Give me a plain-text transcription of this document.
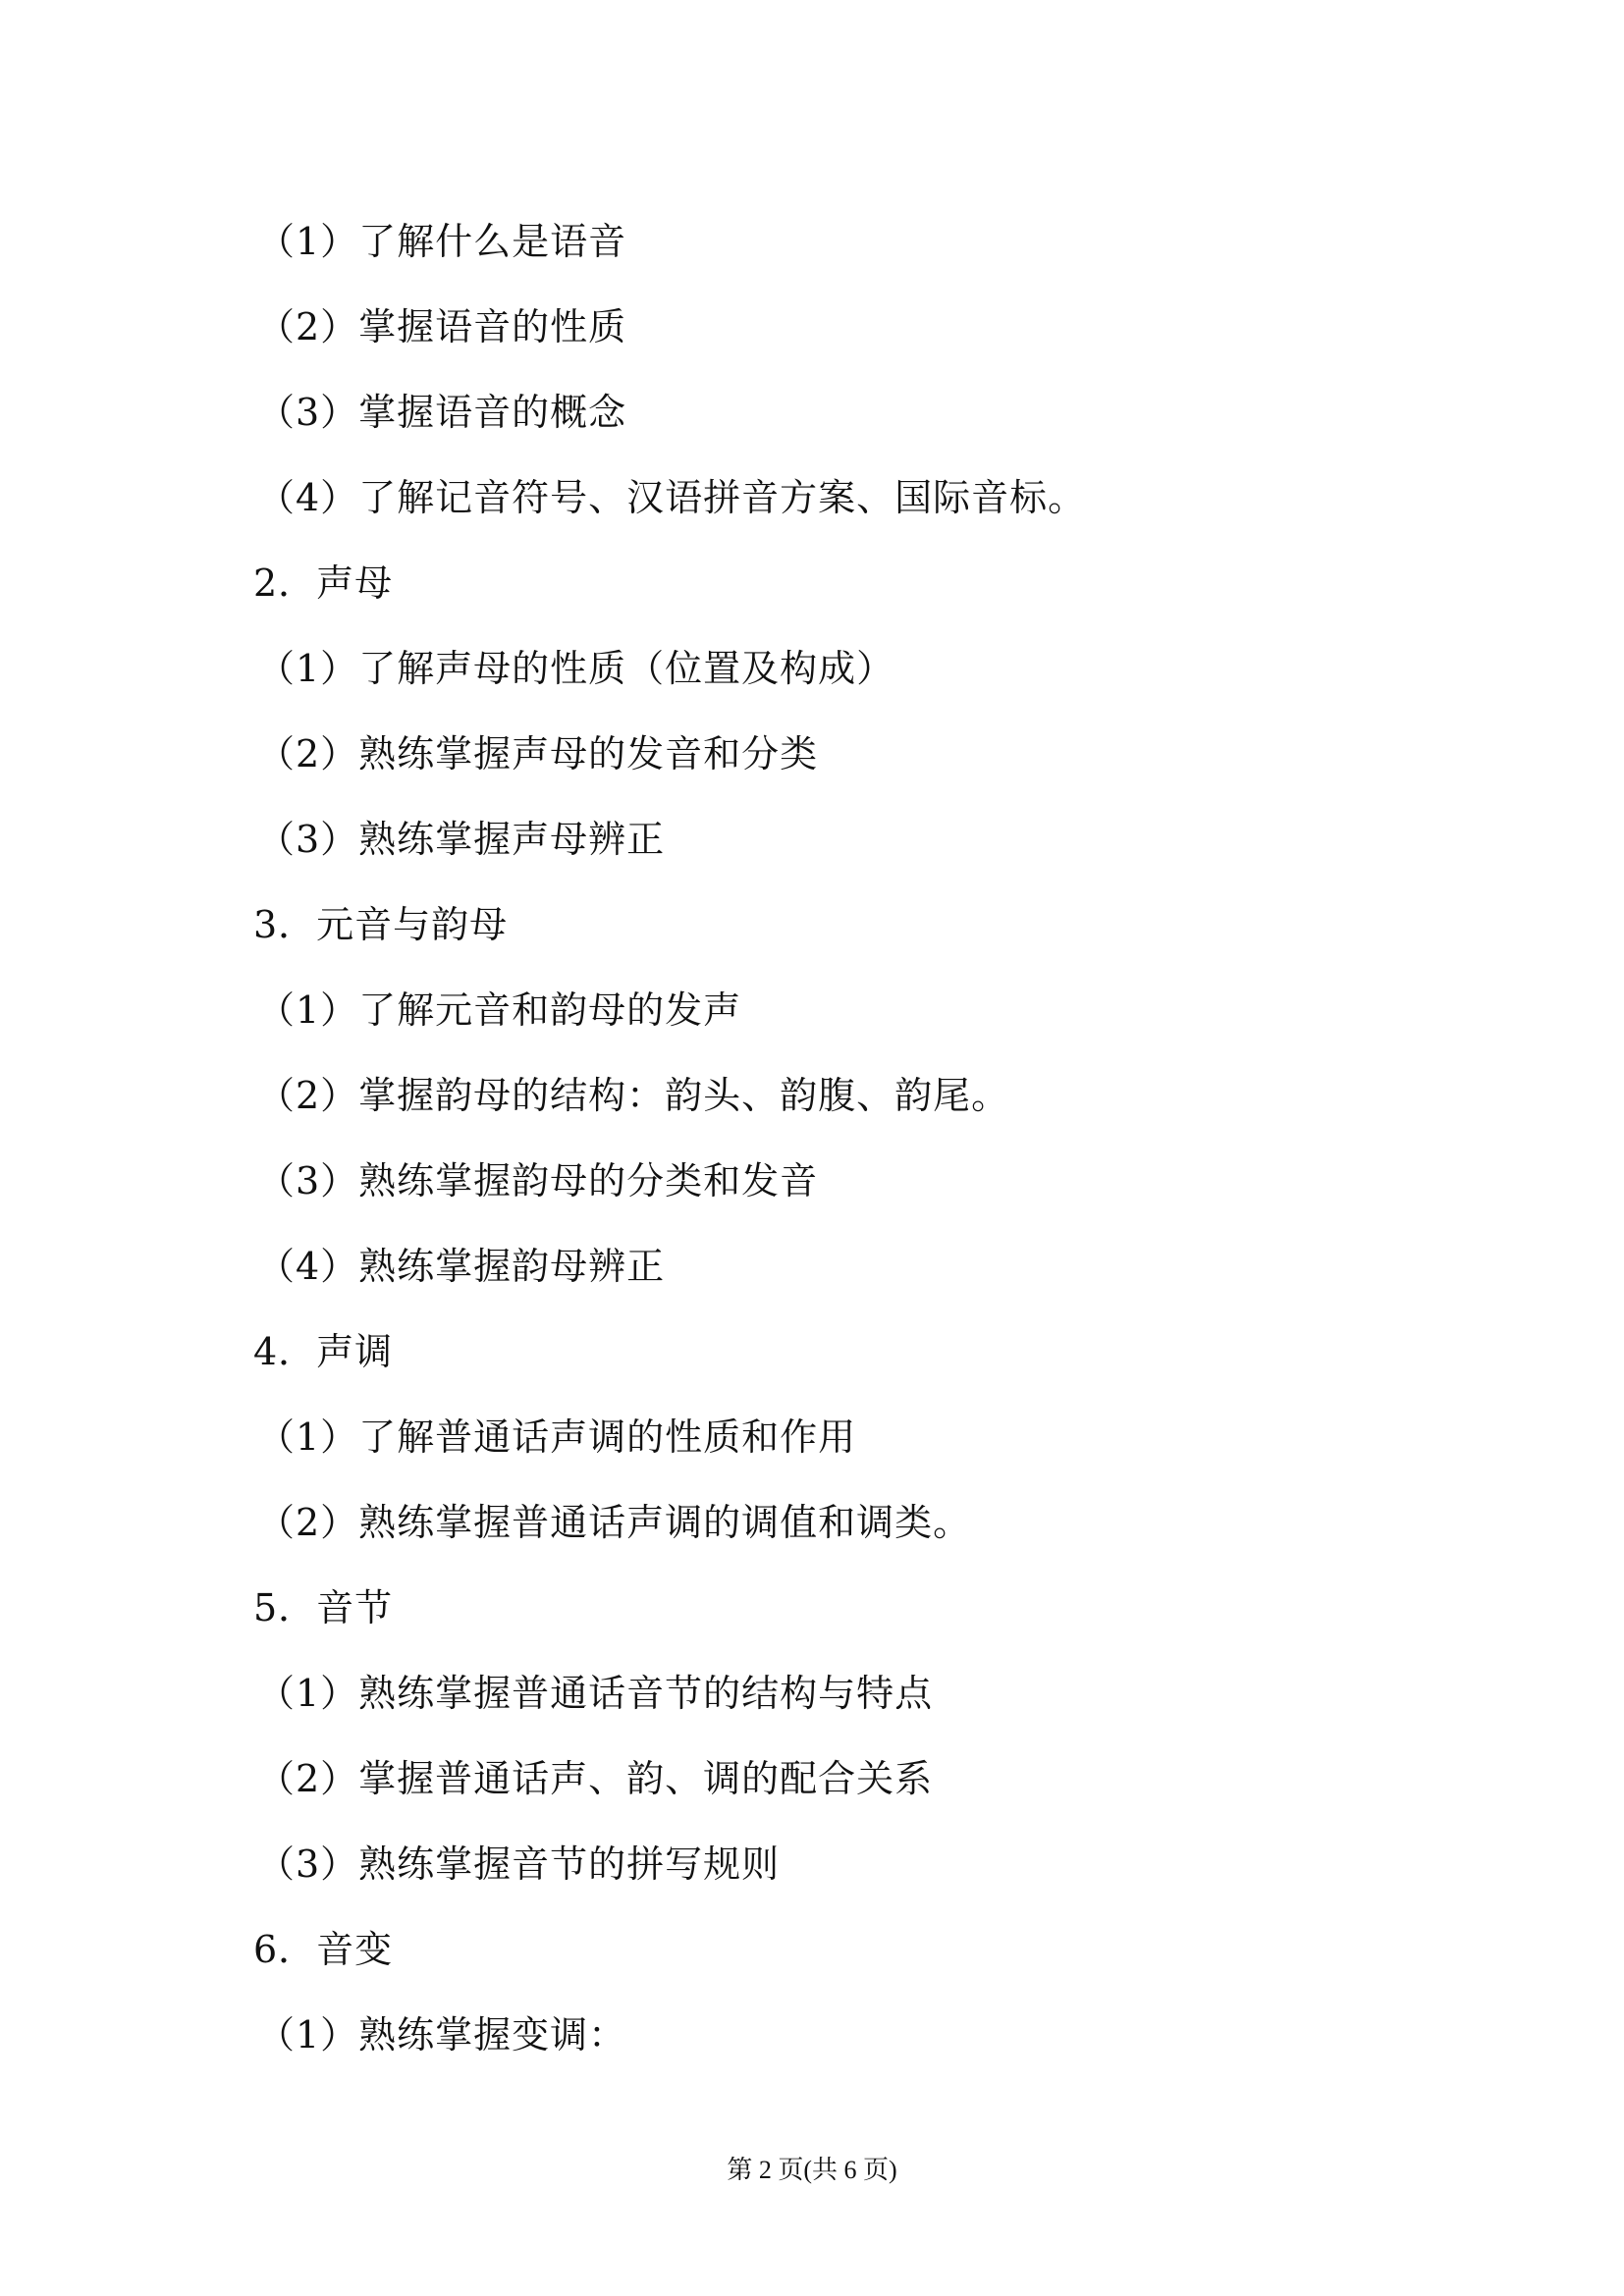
（1）了解什么是语音
（2）掌握语音的性质
（3）掌握语音的概念
（4）了解记音符号、汉语拼音方案、国际音标。
2．声母
（1）了解声母的性质（位置及构成）
（2）熟练掌握声母的发音和分类
（3）熟练掌握声母辨正
3．元音与韵母
（1）了解元音和韵母的发声
（2）掌握韵母的结构：韵头、韵腹、韵尾。
（3）熟练掌握韵母的分类和发音
（4）熟练掌握韵母辨正
4．声调
（1）了解普通话声调的性质和作用
（2）熟练掌握普通话声调的调值和调类。
5．音节
（1）熟练掌握普通话音节的结构与特点
（2）掌握普通话声、韵、调的配合关系
（3）熟练掌握音节的拼写规则
6．音变
（1）熟练掌握变调：
第 2 页(共 6 页)
